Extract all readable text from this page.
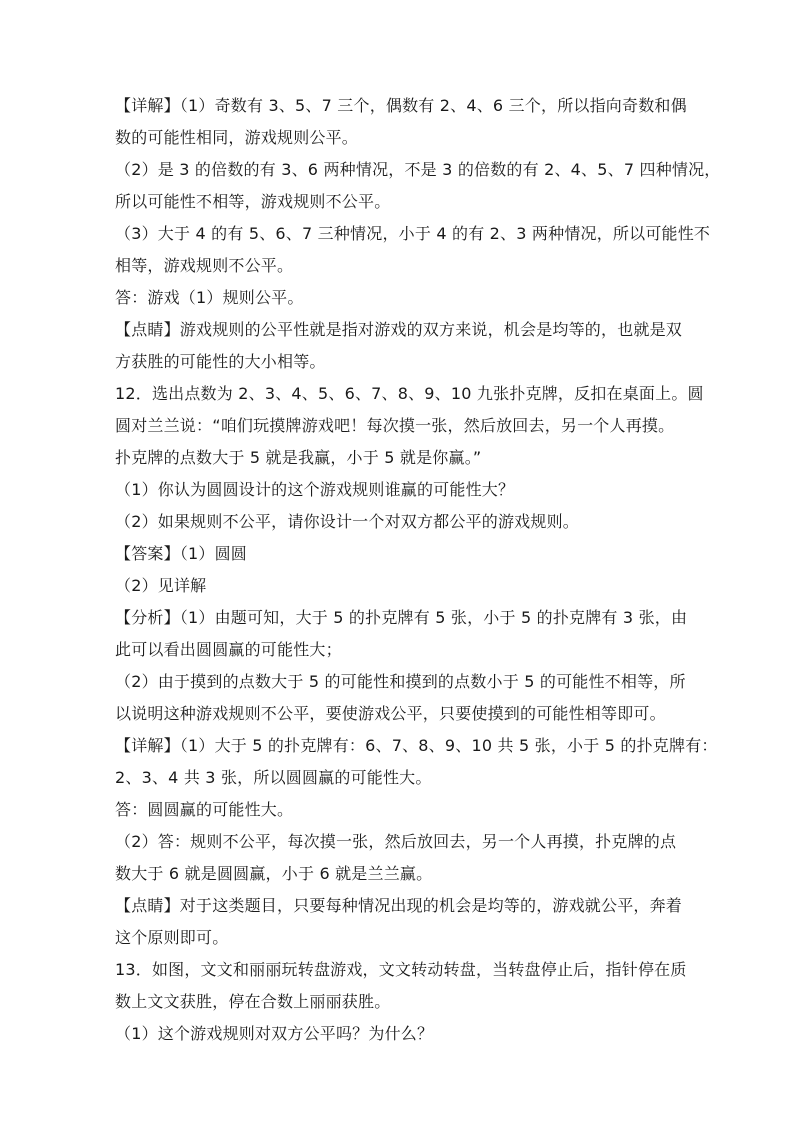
【详解】（1）奇数有 3、5、7 三个，偶数有 2、4、6 三个，所以指向奇数和偶
数的可能性相同，游戏规则公平。
（2）是 3 的倍数的有 3、6 两种情况，不是 3 的倍数的有 2、4、5、7 四种情况，
所以可能性不相等，游戏规则不公平。
（3）大于 4 的有 5、6、7 三种情况，小于 4 的有 2、3 两种情况，所以可能性不
相等，游戏规则不公平。
答：游戏（1）规则公平。
【点睛】游戏规则的公平性就是指对游戏的双方来说，机会是均等的，也就是双
方获胜的可能性的大小相等。
12．选出点数为 2、3、4、5、6、7、8、9、10 九张扑克牌，反扣在桌面上。圆
圆对兰兰说：“咱们玩摸牌游戏吧！每次摸一张，然后放回去，另一个人再摸。
扑克牌的点数大于 5 就是我赢，小于 5 就是你赢。”
（1）你认为圆圆设计的这个游戏规则谁赢的可能性大？
（2）如果规则不公平，请你设计一个对双方都公平的游戏规则。
【答案】（1）圆圆
（2）见详解
【分析】（1）由题可知，大于 5 的扑克牌有 5 张，小于 5 的扑克牌有 3 张，由
此可以看出圆圆赢的可能性大；
（2）由于摸到的点数大于 5 的可能性和摸到的点数小于 5 的可能性不相等，所
以说明这种游戏规则不公平，要使游戏公平，只要使摸到的可能性相等即可。
【详解】（1）大于 5 的扑克牌有：6、7、8、9、10 共 5 张，小于 5 的扑克牌有：
2、3、4 共 3 张，所以圆圆赢的可能性大。
答：圆圆赢的可能性大。
（2）答：规则不公平，每次摸一张，然后放回去，另一个人再摸，扑克牌的点
数大于 6 就是圆圆赢，小于 6 就是兰兰赢。
【点睛】对于这类题目，只要每种情况出现的机会是均等的，游戏就公平，奔着
这个原则即可。
13．如图，文文和丽丽玩转盘游戏，文文转动转盘，当转盘停止后，指针停在质
数上文文获胜，停在合数上丽丽获胜。
（1）这个游戏规则对双方公平吗？为什么？
